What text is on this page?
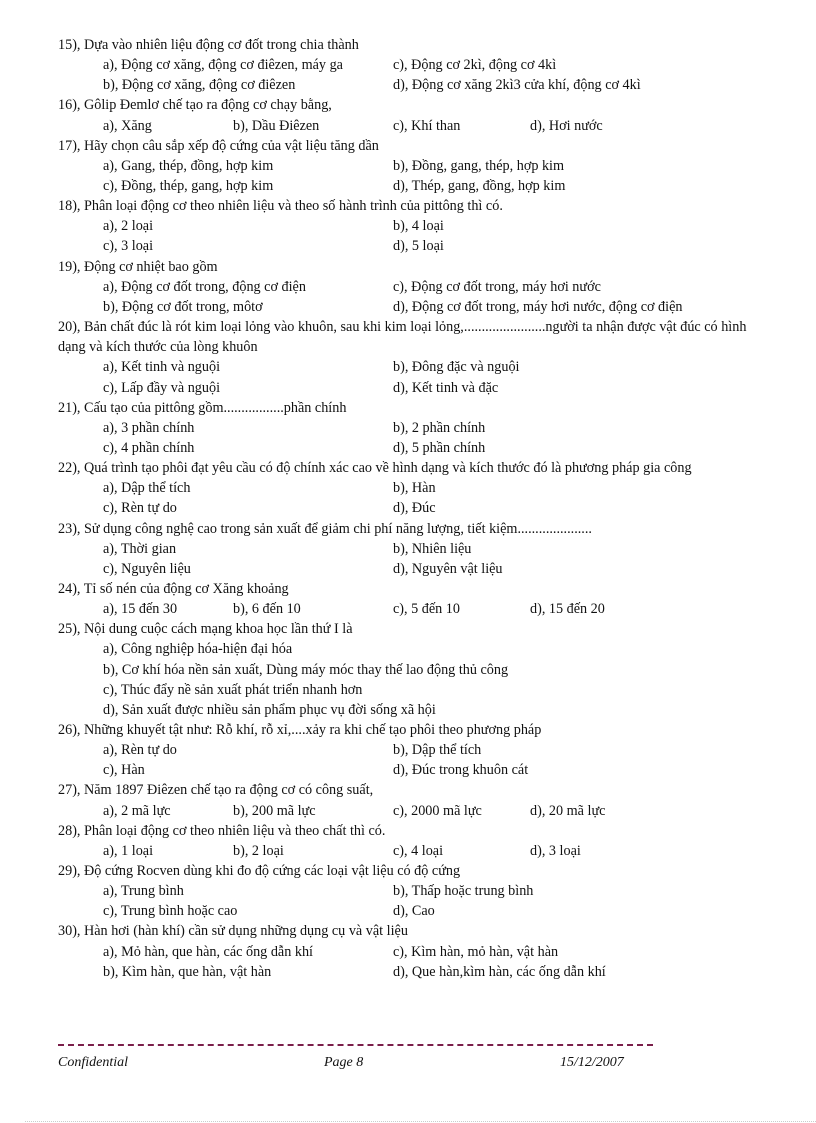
15), Dựa vào nhiên liệu động cơ đốt trong chia thành
a), Động cơ xăng, động cơ điêzen, máy ga	c), Động cơ 2kì, động cơ 4kì
b), Động cơ xăng, động cơ điêzen	d), Động cơ xăng 2kì3 cửa khí, động cơ 4kì
16), Gôlip Đemlơ chế tạo ra động cơ chạy bằng,
a), Xăng	b), Dầu Điêzen	c), Khí than	d), Hơi nước
17), Hãy chọn câu sắp xếp độ cứng của vật liệu tăng dần
a), Gang, thép, đồng, hợp kim	b), Đồng, gang, thép, hợp kim
c), Đồng, thép, gang, hợp kim	d), Thép, gang, đồng, hợp kim
18), Phân loại động cơ theo nhiên liệu và theo số hành trình của pittông thì có.
a), 2 loại	b), 4 loại
c), 3 loại	d), 5 loại
19), Động cơ nhiệt bao gồm
a), Động cơ đốt trong, động cơ điện	c), Động cơ đốt trong, máy hơi nước
b), Động cơ đốt trong, môtơ	d), Động cơ đốt trong, máy hơi nước, động cơ điện
20), Bản chất đúc là rót kim loại lỏng vào khuôn, sau khi kim loại lỏng,.......................người ta nhận được vật đúc có hình dạng và kích thước của lòng khuôn
a), Kết tinh và nguội	b), Đông đặc và nguội
c), Lấp đầy và nguội	d), Kết tinh và đặc
21), Cấu tạo của pittông gồm.................phần chính
a), 3 phần chính	b), 2 phần chính
c), 4 phần chính	d), 5 phần chính
22), Quá trình tạo phôi đạt yêu cầu có độ chính xác cao về hình dạng và kích thước đó là phương pháp gia công
a), Dập thể tích	b), Hàn
c), Rèn tự do	d), Đúc
23), Sử dụng công nghệ cao trong sản xuất để giảm chi phí năng lượng, tiết kiệm.....................
a), Thời gian	b), Nhiên liệu
c), Nguyên liệu	d), Nguyên vật liệu
24), Tỉ số nén của động cơ Xăng khoảng
a), 15 đến 30	b), 6 đến 10	c), 5 đến 10	d), 15 đến 20
25), Nội dung cuộc cách mạng khoa học lần thứ I là
a), Công nghiệp hóa-hiện đại hóa
b), Cơ khí hóa nền sản xuất, Dùng máy móc thay thế lao động thủ công
c), Thúc đẩy nề sản xuất phát triển nhanh hơn
d), Sản xuất được nhiều sản phẩm phục vụ đời sống xã hội
26), Những khuyết tật như: Rỗ khí, rỗ xỉ,....xảy ra khi chế tạo phôi theo phương pháp
a), Rèn tự do	b), Dập thể tích
c), Hàn	d), Đúc trong khuôn cát
27), Năm 1897 Điêzen chế tạo ra động cơ có công suất,
a), 2 mã lực	b), 200 mã lực	c), 2000 mã lực	d), 20 mã lực
28), Phân loại động cơ theo nhiên liệu và theo chất thì có.
a), 1 loại	b), 2 loại	c), 4 loại	d), 3 loại
29), Độ cứng Rocven dùng khi đo độ cứng các loại vật liệu có độ cứng
a), Trung bình	b), Thấp hoặc trung bình
c), Trung bình hoặc cao	d), Cao
30), Hàn hơi (hàn khí) cần sử dụng những dụng cụ và vật liệu
a), Mỏ hàn, que hàn, các ống dẫn khí	c), Kìm hàn, mỏ hàn, vật hàn
b), Kìm hàn, que hàn, vật hàn	d), Que hàn,kìm hàn, các ống dẫn khí
Confidential	Page 8	15/12/2007
